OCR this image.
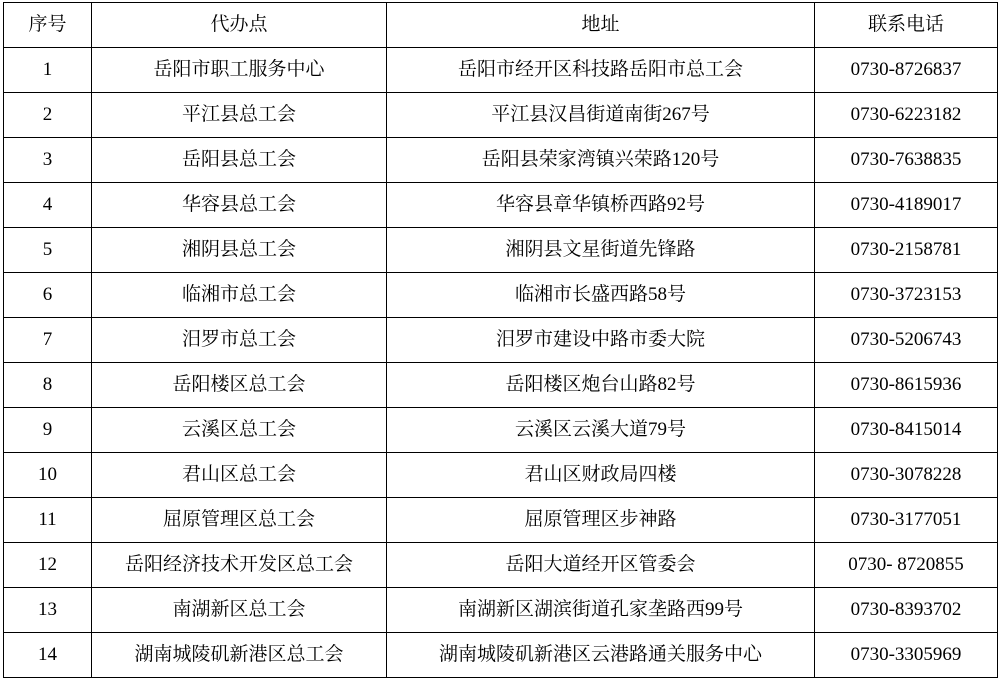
序号	代办点	地址	联系电话
1	岳阳市职工服务中心	岳阳市经开区科技路岳阳市总工会	0730-8726837
2	平江县总工会	平江县汉昌街道南街267号	0730-6223182
3	岳阳县总工会	岳阳县荣家湾镇兴荣路120号	0730-7638835
4	华容县总工会	华容县章华镇桥西路92号	0730-4189017
5	湘阴县总工会	湘阴县文星街道先锋路	0730-2158781
6	临湘市总工会	临湘市长盛西路58号	0730-3723153
7	汨罗市总工会	汨罗市建设中路市委大院	0730-5206743
8	岳阳楼区总工会	岳阳楼区炮台山路82号	0730-8615936
9	云溪区总工会	云溪区云溪大道79号	0730-8415014
10	君山区总工会	君山区财政局四楼	0730-3078228
11	屈原管理区总工会	屈原管理区步神路	0730-3177051
12	岳阳经济技术开发区总工会	岳阳大道经开区管委会	0730- 8720855
13	南湖新区总工会	南湖新区湖滨街道孔家垄路西99号	0730-8393702
14	湖南城陵矶新港区总工会	湖南城陵矶新港区云港路通关服务中心	0730-3305969
